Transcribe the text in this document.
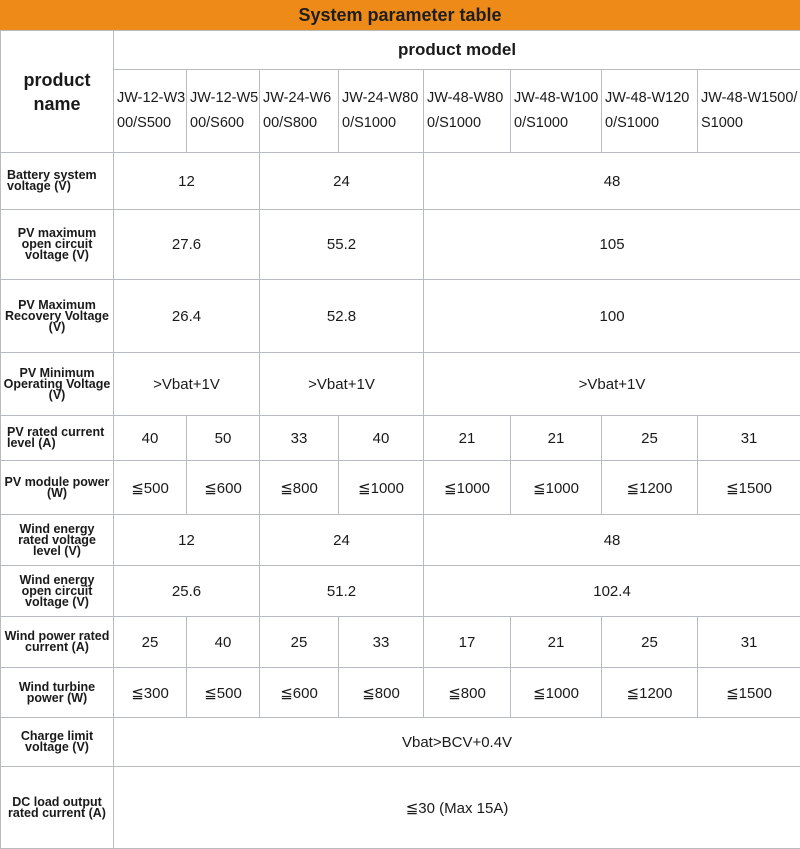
System parameter table
product name	product model							
	JW-12-W300/S500	JW-12-W500/S600	JW-24-W600/S800	JW-24-W800/S1000	JW-48-W800/S1000	JW-48-W1000/S1000	JW-48-W1200/S1000	JW-48-W1500/S1000
Battery system voltage (V)	12		24		48			
PV maximum open circuit voltage (V)	27.6		55.2		105			
PV Maximum Recovery Voltage (V)	26.4		52.8		100			
PV Minimum Operating Voltage (V)	>Vbat+1V		>Vbat+1V		>Vbat+1V			
PV rated current level (A)	40	50	33	40	21	21	25	31
PV module power (W)	≦500	≦600	≦800	≦1000	≦1000	≦1000	≦1200	≦1500
Wind energy rated voltage level (V)	12		24		48			
Wind energy open circuit voltage (V)	25.6		51.2		102.4			
Wind power rated current (A)	25	40	25	33	17	21	25	31
Wind turbine power (W)	≦300	≦500	≦600	≦800	≦800	≦1000	≦1200	≦1500
Charge limit voltage (V)	Vbat>BCV+0.4V							
DC load output rated current (A)	≦30 (Max 15A)							
